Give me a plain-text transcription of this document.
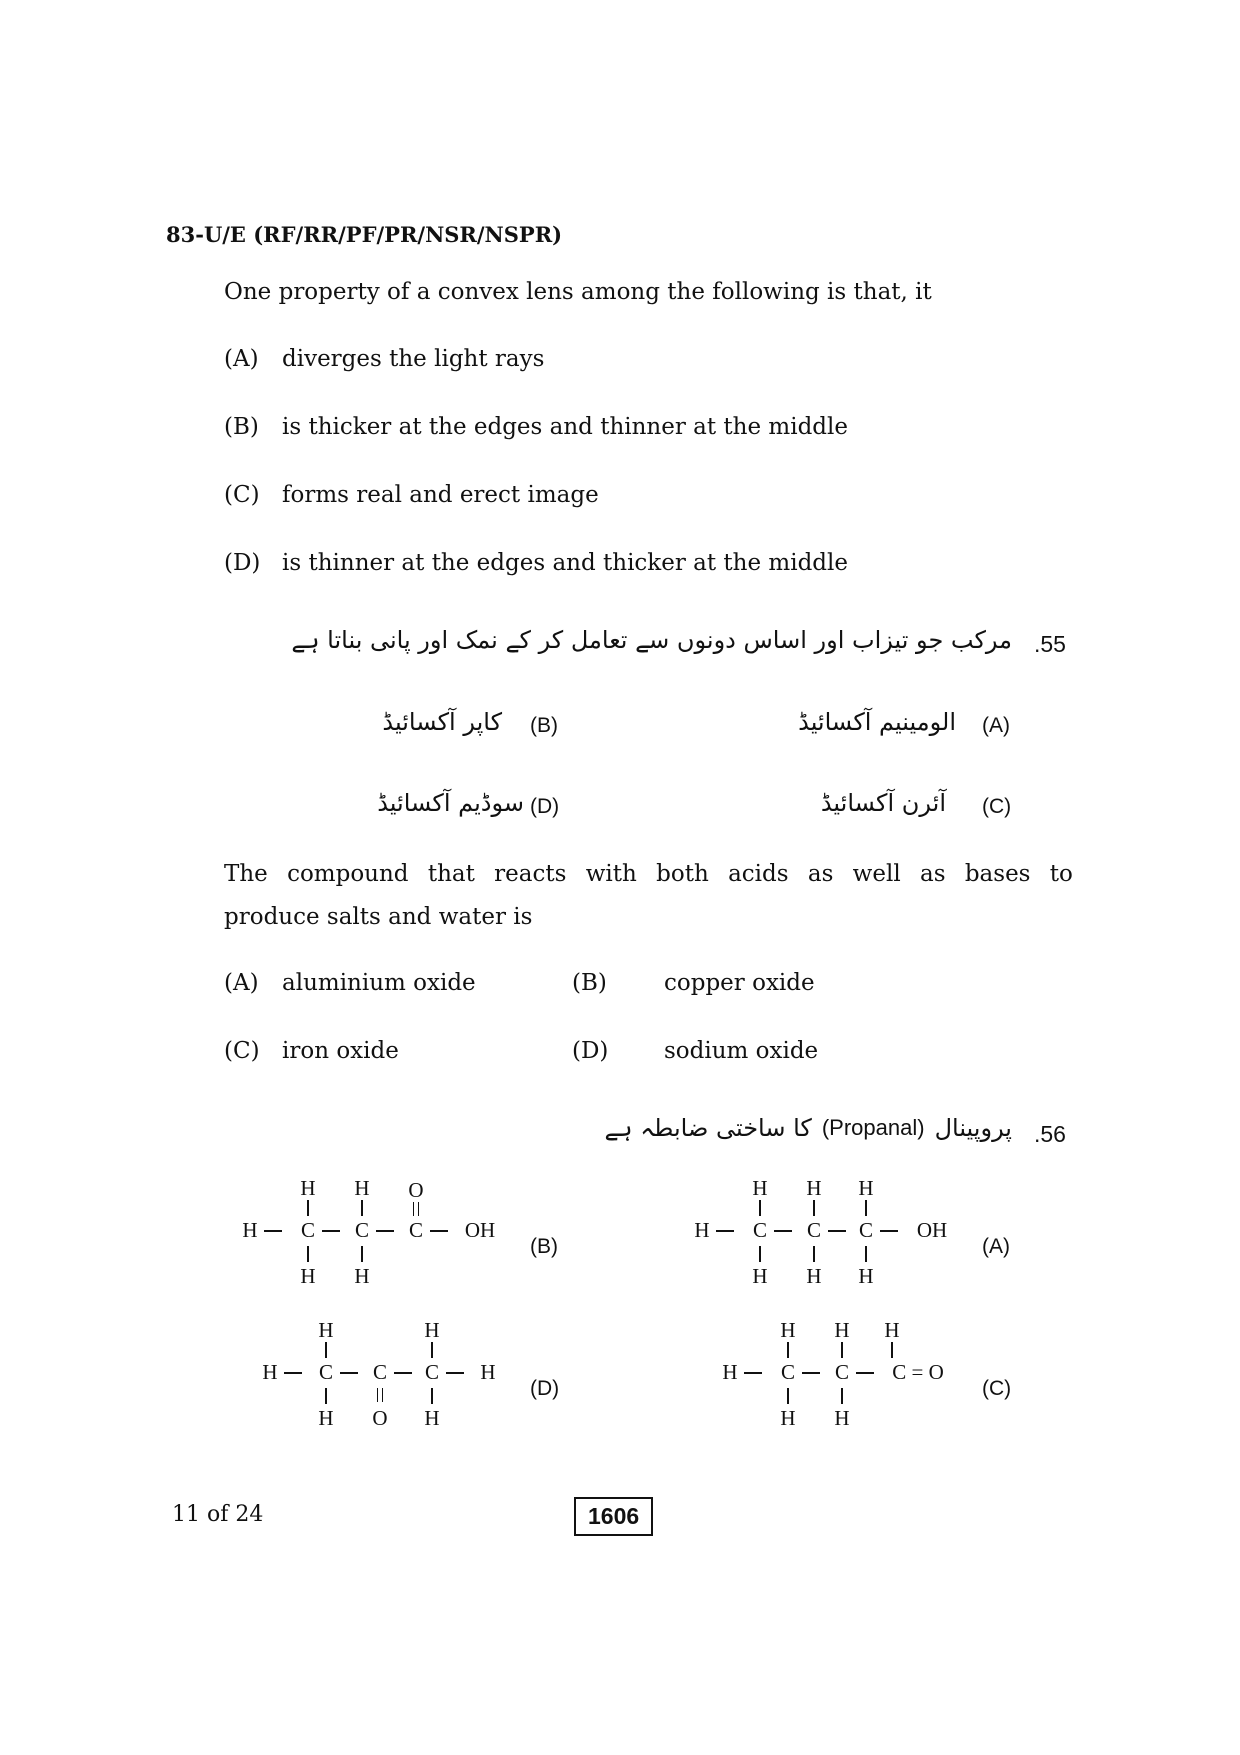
83-U/E (RF/RR/PF/PR/NSR/NSPR)
One property of a convex lens among the following is that, it
(A) diverges the light rays
(B) is thicker at the edges and thinner at the middle
(C) forms real and erect image
(D) is thinner at the edges and thicker at the middle
.55
مرکب جو تیزاب اور اساس دونوں سے تعامل کر کے نمک اور پانی بناتا ہے
(A)
الومینیم آکسائیڈ
(B)
کاپر آکسائیڈ
(C)
آئرن آکسائیڈ
(D)
سوڈیم آکسائیڈ
The compound that reacts with both acids as well as bases to
produce salts and water is
(A) aluminium oxide	(B) copper oxide
(C) iron oxide	(D) sodium oxide
.56
پروپینال
(Propanal)
کا ساختی ضابطہ ہے
H H H
H C C C OH
H H H
(A)
H H O
H C C C OH
H H
(B)
H H H
H C C C = O
H H
(C)
H	H
H C C C H
H O H
(D)
11 of 24	1606
